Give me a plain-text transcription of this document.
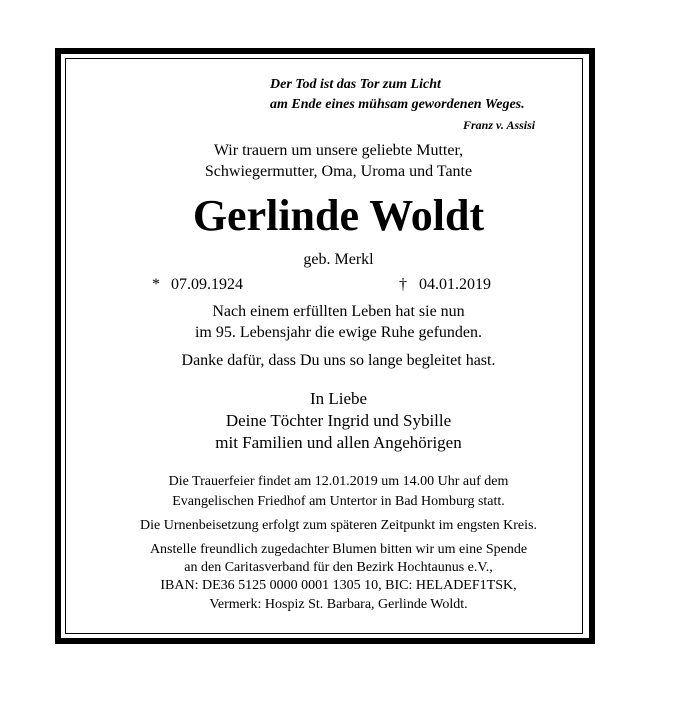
Der Tod ist das Tor zum Licht
am Ende eines mühsam gewordenen Weges.
Franz v. Assisi
Wir trauern um unsere geliebte Mutter,
Schwiegermutter, Oma, Uroma und Tante
Gerlinde Woldt
geb. Merkl
* 07.09.1924	† 04.01.2019
Nach einem erfüllten Leben hat sie nun
im 95. Lebensjahr die ewige Ruhe gefunden.
Danke dafür, dass Du uns so lange begleitet hast.
In Liebe
Deine Töchter Ingrid und Sybille
mit Familien und allen Angehörigen
Die Trauerfeier findet am 12.01.2019 um 14.00 Uhr auf dem
Evangelischen Friedhof am Untertor in Bad Homburg statt.
Die Urnenbeisetzung erfolgt zum späteren Zeitpunkt im engsten Kreis.
Anstelle freundlich zugedachter Blumen bitten wir um eine Spende
an den Caritasverband für den Bezirk Hochtaunus e.V.,
IBAN: DE36 5125 0000 0001 1305 10, BIC: HELADEF1TSK,
Vermerk: Hospiz St. Barbara, Gerlinde Woldt.
